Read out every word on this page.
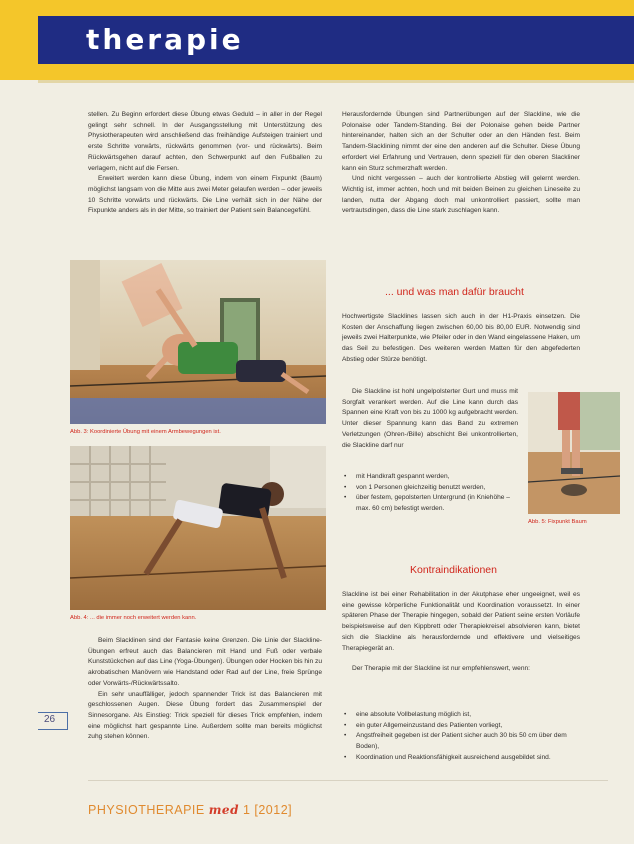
therapie

stellen. Zu Beginn erfordert diese Übung etwas Geduld – in aller in der Regel gelingt sehr schnell. In der Ausgangsstellung mit Unterstützung des Physiotherapeuten wird anschließend das freihändige Aufsteigen trainiert und erste Schritte vorwärts, rückwärts genommen (vor- und rückwärts). Beim Rückwärtsgehen darauf achten, den Schwerpunkt auf den Fußballen zu verlagern, nicht auf die Fersen.

Erweitert werden kann diese Übung, indem von einem Fixpunkt (Baum) möglichst langsam von die Mitte aus zwei Meter gelaufen werden – oder jeweils 10 Schritte vorwärts und rückwärts. Die Line verhält sich in der Nähe der Fixpunkte anders als in der Mitte, so trainiert der Patient sein Balancegefühl.

Abb. 3: Koordinierte Übung mit einem Armbewegungen ist.
Abb. 4: ... die immer noch erweitert werden kann.

Beim Slacklinen sind der Fantasie keine Grenzen. Die Linie der Slackline-Übungen erfreut auch das Balancieren mit Hand und Fuß oder verbale Kunststückchen auf das Line (Yoga-Übungen). Übungen oder Hocken bis hin zu akrobatischen Manövern wie Handstand oder Rad auf der Line, freie Sprünge oder Vorwärts-/Rückwärtssalto.

Ein sehr unauffälliger, jedoch spannender Trick ist das Balancieren mit geschlossenen Augen. Diese Übung fordert das Zusammenspiel der Sinnesorgane. Als Einstieg: Trick speziell für dieses Trick empfehlen, indem eine möglichst hart gespannte Line. Außerdem sollte man bereits möglichst zuhg stehen können.

Herausfordernde Übungen sind Partnerübungen auf der Slackline, wie die Polonaise oder Tandem-Standing. Bei der Polonaise gehen beide Partner hintereinander, halten sich an der Schulter oder an den Händen fest. Beim Tandem-Slacklining nimmt der eine den anderen auf die Schulter. Diese Übung erfordert viel Erfahrung und Vertrauen, denn speziell für den oberen Slackliner kann ein Sturz schmerzhaft werden.

Und nicht vergessen – auch der kontrollierte Abstieg will gelernt werden. Wichtig ist, immer achten, hoch und mit beiden Beinen zu gleichen Lineseite zu landen, nutta der Abgang doch mal unkontrolliert passiert, sollte man vertrautsdingen, dass die Line stark zuschlagen kann.

... und was man dafür braucht

Hochwertigste Slacklines lassen sich auch in der H1-Praxis einsetzen. Die Kosten der Anschaffung liegen zwischen 60,00 bis 80,00 EUR. Notwendig sind jeweils zwei Halterpunkte, wie Pfeiler oder in den Wand eingelassene Haken, um das Seil zu befestigen. Des weiteren werden Matten für den abgefederten Abstieg oder Stürze benötigt.

Die Slackline ist hohl ungelpolsterter Gurt und muss mit Sorgfalt verankert werden. Auf die Line kann durch das Spannen eine Kraft von bis zu 1000 kg aufgebracht werden. Unter dieser Spannung kann das Band zu extremen Verletzungen (Ohren-/Bille) abschicht Bei unkontrollierten, die Slackline darf nur

Abb. 5: Fixpunkt Baum
• mit Handkraft gespannt werden,
• von 1 Personen gleichzeitig benutzt werden,
• über festem, gepolsterten Untergrund (in Kniehöhe – max. 60 cm) befestigt werden.
Kontraindikationen

Slackline ist bei einer Rehabilitation in der Akutphase eher ungeeignet, weil es eine gewisse körperliche Funktionalität und Koordination voraussetzt. In einer späteren Phase der Therapie hingegen, sobald der Patient seine ersten Vorläufe beispielsweise auf den Kippbrett oder Therapiekreisel absolvieren kann, bietet sich die Slackline als herausfordernde und effektivere und vielseitiges Therapiegerät an.

Der Therapie mit der Slackline ist nur empfehlenswert, wenn:

• eine absolute Vollbelastung möglich ist,
• ein guter Allgemeinzustand des Patienten vorliegt,
• Angstfreiheit gegeben ist der Patient sicher auch 30 bis 50 cm über dem Boden),
• Koordination und Reaktionsfähigkeit ausreichend ausgebildet sind.
26
PHYSIOTHERAPIE med 1 [2012]
